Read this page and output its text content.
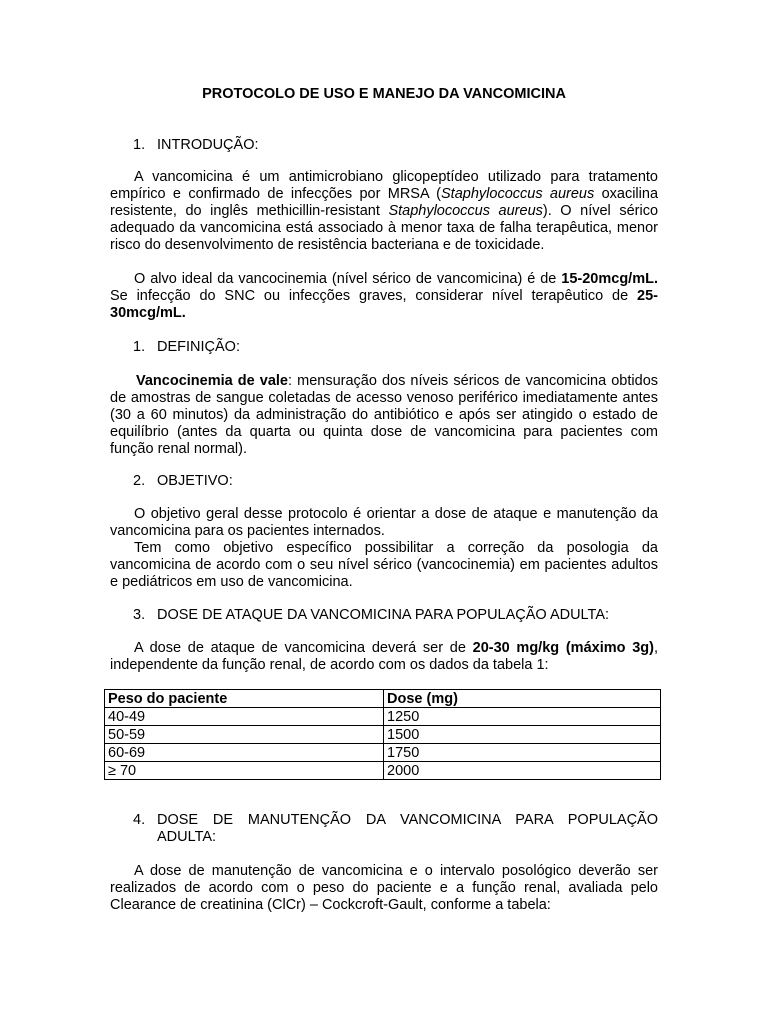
PROTOCOLO DE USO E MANEJO DA VANCOMICINA
1. INTRODUÇÃO:
A vancomicina é um antimicrobiano glicopeptídeo utilizado para tratamento empírico e confirmado de infecções por MRSA (Staphylococcus aureus oxacilina resistente, do inglês methicillin-resistant Staphylococcus aureus). O nível sérico adequado da vancomicina está associado à menor taxa de falha terapêutica, menor risco do desenvolvimento de resistência bacteriana e de toxicidade.
O alvo ideal da vancocinemia (nível sérico de vancomicina) é de 15-20mcg/mL. Se infecção do SNC ou infecções graves, considerar nível terapêutico de 25-30mcg/mL.
1. DEFINIÇÃO:
Vancocinemia de vale: mensuração dos níveis séricos de vancomicina obtidos de amostras de sangue coletadas de acesso venoso periférico imediatamente antes (30 a 60 minutos) da administração do antibiótico e após ser atingido o estado de equilíbrio (antes da quarta ou quinta dose de vancomicina para pacientes com função renal normal).
2. OBJETIVO:
O objetivo geral desse protocolo é orientar a dose de ataque e manutenção da vancomicina para os pacientes internados.
Tem como objetivo específico possibilitar a correção da posologia da vancomicina de acordo com o seu nível sérico (vancocinemia) em pacientes adultos e pediátricos em uso de vancomicina.
3. DOSE DE ATAQUE DA VANCOMICINA PARA POPULAÇÃO ADULTA:
A dose de ataque de vancomicina deverá ser de 20-30 mg/kg (máximo 3g), independente da função renal, de acordo com os dados da tabela 1:
Peso do paciente	Dose (mg)
40-49	1250
50-59	1500
60-69	1750
≥ 70	2000
4. DOSE DE MANUTENÇÃO DA VANCOMICINA PARA POPULAÇÃO
ADULTA:
A dose de manutenção de vancomicina e o intervalo posológico deverão ser realizados de acordo com o peso do paciente e a função renal, avaliada pelo Clearance de creatinina (ClCr) – Cockcroft-Gault, conforme a tabela:
